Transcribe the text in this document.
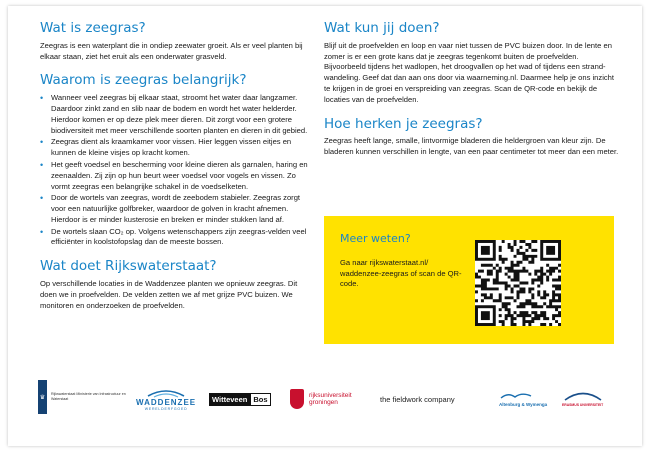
Wat is zeegras?

Zeegras is een waterplant die in ondiep zeewater groeit. Als er veel planten bij elkaar staan, ziet het eruit als een onderwater grasveld.

Waarom is zeegras belangrijk?
• Wanneer veel zeegras bij elkaar staat, stroomt het water daar langzamer. Daardoor zinkt zand en slib naar de bodem en wordt het water helderder. Hierdoor komen er op deze plek meer dieren. Dit zorgt voor een grotere biodiversiteit met meer verschillende soorten planten en dieren in dit gebied.
• Zeegras dient als kraamkamer voor vissen. Hier leggen vissen eitjes en kunnen de kleine visjes op kracht komen.
• Het geeft voedsel en bescherming voor kleine dieren als garnalen, haring en zeenaalden. Zij zijn op hun beurt weer voedsel voor vogels en vissen. Zo vormt zeegras een belangrijke schakel in de voedselketen.
• Door de wortels van zeegras, wordt de zeebodem stabieler. Zeegras zorgt voor een natuurlijke golfbreker, waardoor de golven in kracht afnemen. Hierdoor is er minder kusterosie en breken er minder stukken land af.
• De wortels slaan CO₂ op. Volgens wetenschappers zijn zeegras-velden veel efficiënter in koolstofopslag dan de meeste bossen.
Wat doet Rijkswaterstaat?

Op verschillende locaties in de Waddenzee planten we opnieuw zeegras. Dit doen we in proefvelden. De velden zetten we af met grijze PVC buizen. We monitoren en onderzoeken de proefvelden.

Wat kun jij doen?

Blijf uit de proefvelden en loop en vaar niet tussen de PVC buizen door. In de lente en zomer is er een grote kans dat je zeegras tegenkomt buiten de proefvelden. Bijvoorbeeld tijdens het wadlopen, het droogvallen op het wad of tijdens een strand-wandeling. Geef dat dan aan ons door via waarneming.nl. Daarmee help je ons inzicht te krijgen in de groei en verspreiding van zeegras. Scan de QR-code en bekijk de locaties van de proefvelden.

Hoe herken je zeegras?

Zeegras heeft lange, smalle, lintvormige bladeren die heldergroen van kleur zijn. De bladeren kunnen verschillen in lengte, van een paar centimeter tot meer dan een meter.

Meer weten?

Ga naar rijkswaterstaat.nl/ waddenzee-zeegras of scan de QR-code.

♛
Rijkswaterstaat Ministerie van Infrastructuur en Waterstaat	WADDENZEE
WERELDERFGOED
Witteveen Bos	rijksuniversiteit
groningen	the fieldwork company
Altenburg & Wymenga	ERASMUS UNIVERSITEIT
